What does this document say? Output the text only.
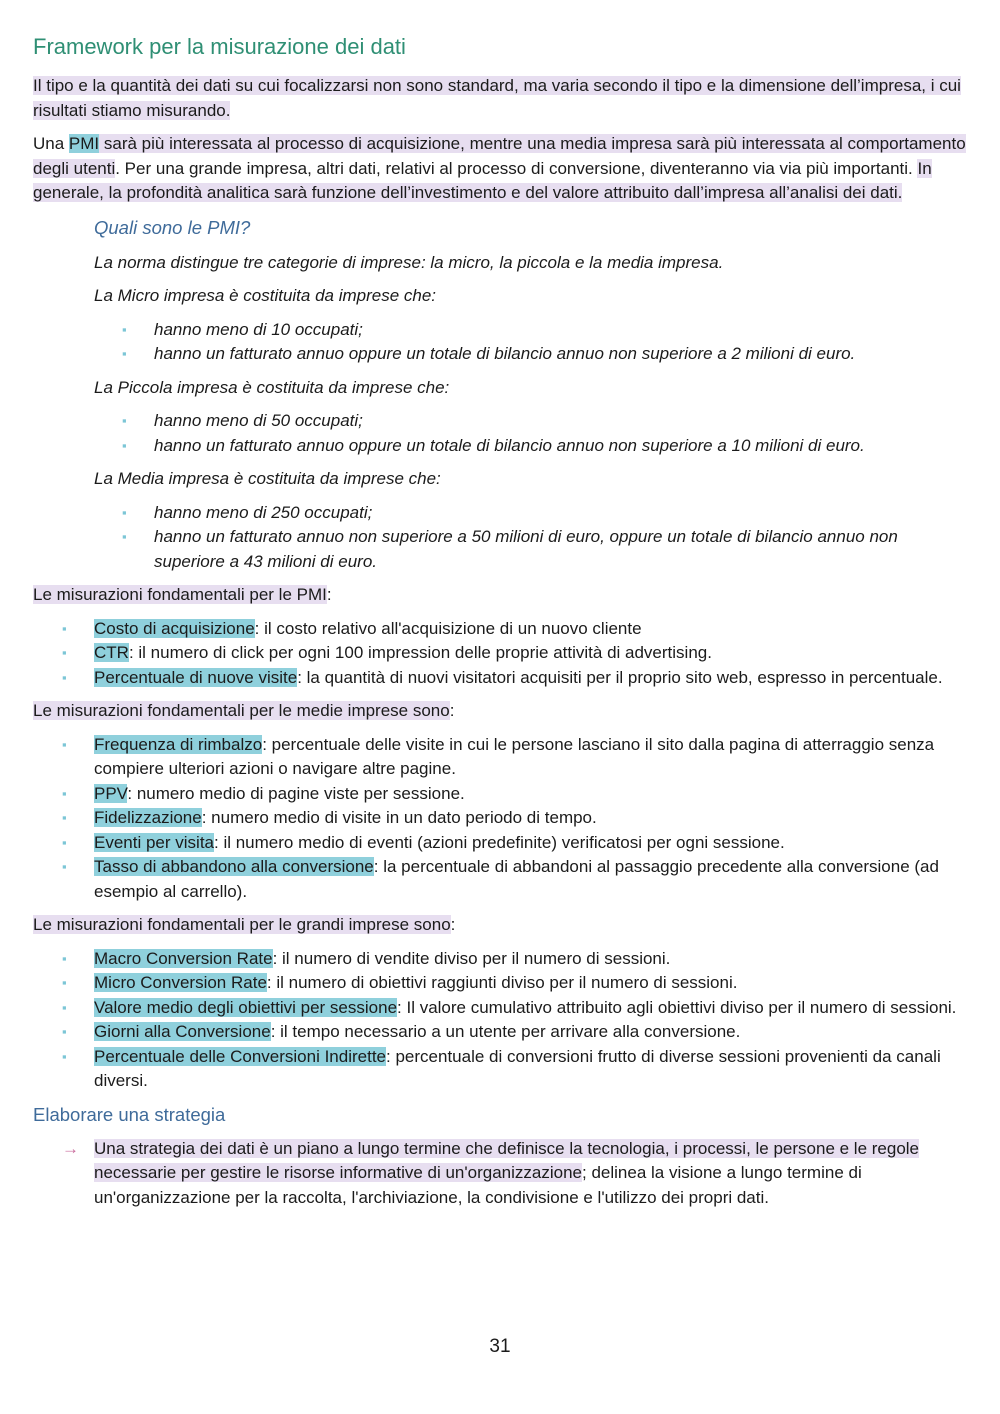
Framework per la misurazione dei dati

Il tipo e la quantità dei dati su cui focalizzarsi non sono standard, ma varia secondo il tipo e la dimensione dell’impresa, i cui risultati stiamo misurando.

Una PMI sarà più interessata al processo di acquisizione, mentre una media impresa sarà più interessata al comportamento degli utenti. Per una grande impresa, altri dati, relativi al processo di conversione, diventeranno via via più importanti. In generale, la profondità analitica sarà funzione dell’investimento e del valore attribuito dall’impresa all’analisi dei dati.

Quali sono le PMI?

La norma distingue tre categorie di imprese: la micro, la piccola e la media impresa.

La Micro impresa è costituita da imprese che:

▪ hanno meno di 10 occupati;
▪ hanno un fatturato annuo oppure un totale di bilancio annuo non superiore a 2 milioni di euro.

La Piccola impresa è costituita da imprese che:

▪ hanno meno di 50 occupati;
▪ hanno un fatturato annuo oppure un totale di bilancio annuo non superiore a 10 milioni di euro.

La Media impresa è costituita da imprese che:

▪ hanno meno di 250 occupati;
▪ hanno un fatturato annuo non superiore a 50 milioni di euro, oppure un totale di bilancio annuo non superiore a 43 milioni di euro.

Le misurazioni fondamentali per le PMI:

▪ Costo di acquisizione: il costo relativo all'acquisizione di un nuovo cliente
▪ CTR: il numero di click per ogni 100 impression delle proprie attività di advertising.
▪ Percentuale di nuove visite: la quantità di nuovi visitatori acquisiti per il proprio sito web, espresso in percentuale.

Le misurazioni fondamentali per le medie imprese sono:

▪ Frequenza di rimbalzo: percentuale delle visite in cui le persone lasciano il sito dalla pagina di atterraggio senza compiere ulteriori azioni o navigare altre pagine.
▪ PPV: numero medio di pagine viste per sessione.
▪ Fidelizzazione: numero medio di visite in un dato periodo di tempo.
▪ Eventi per visita: il numero medio di eventi (azioni predefinite) verificatosi per ogni sessione.
▪ Tasso di abbandono alla conversione: la percentuale di abbandoni al passaggio precedente alla conversione (ad esempio al carrello).

Le misurazioni fondamentali per le grandi imprese sono:

▪ Macro Conversion Rate: il numero di vendite diviso per il numero di sessioni.
▪ Micro Conversion Rate: il numero di obiettivi raggiunti diviso per il numero di sessioni.
▪ Valore medio degli obiettivi per sessione: Il valore cumulativo attribuito agli obiettivi diviso per il numero di sessioni.
▪ Giorni alla Conversione: il tempo necessario a un utente per arrivare alla conversione.
▪ Percentuale delle Conversioni Indirette: percentuale di conversioni frutto di diverse sessioni provenienti da canali diversi.
Elaborare una strategia
→ Una strategia dei dati è un piano a lungo termine che definisce la tecnologia, i processi, le persone e le regole necessarie per gestire le risorse informative di un'organizzazione; delinea la visione a lungo termine di un'organizzazione per la raccolta, l'archiviazione, la condivisione e l'utilizzo dei propri dati.
31
